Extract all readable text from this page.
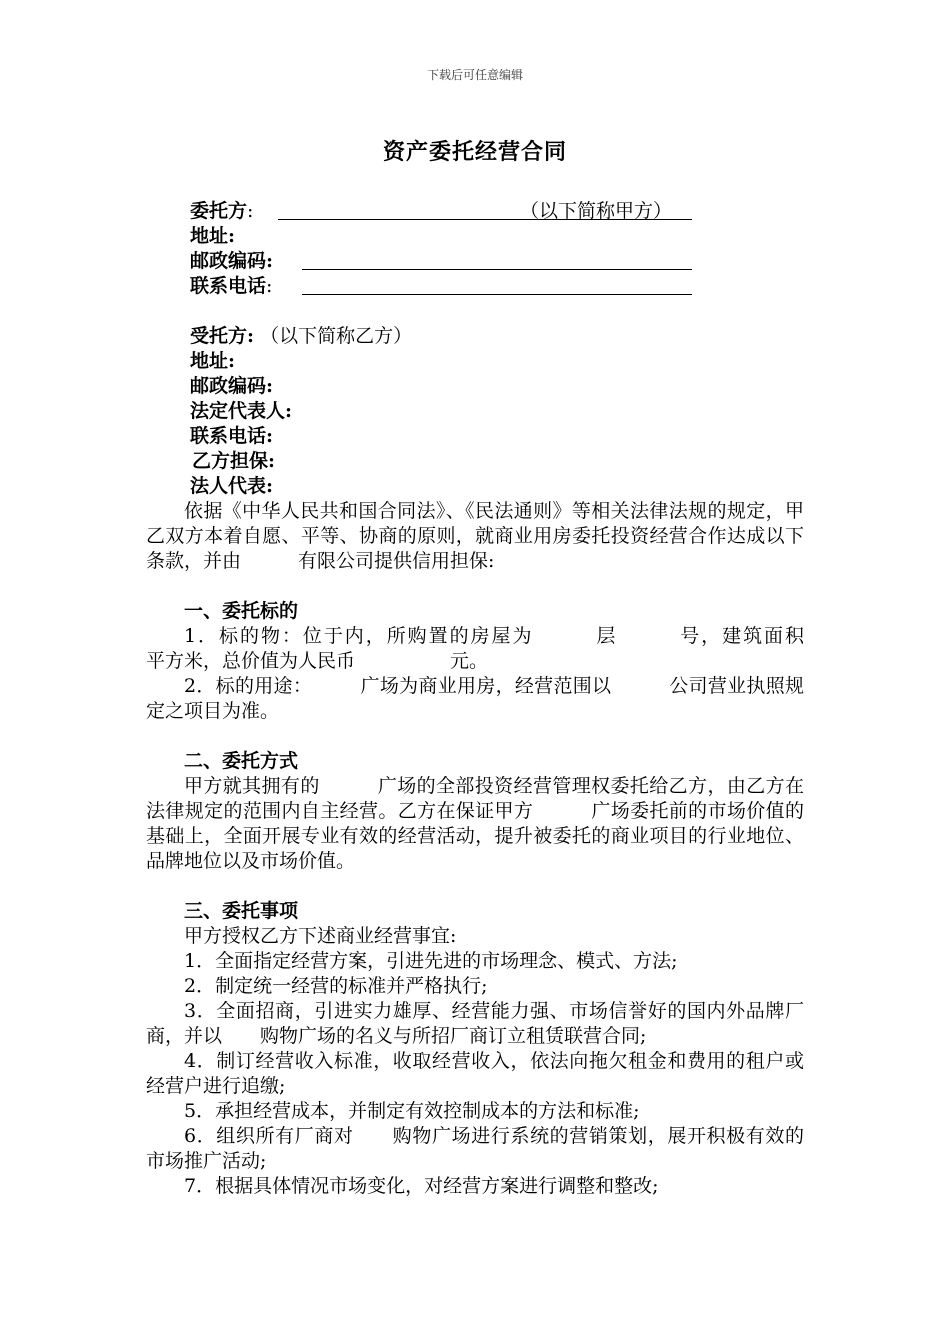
下载后可任意编辑
资产委托经营合同
委托方:	（以下简称甲方）
地址:
邮政编码:
联系电话:
受托方: （以下简称乙方）
地址:
邮政编码:
法定代表人:
联系电话:
乙方担保:
法人代表:

依据《中华人民共和国合同法》、《民法通则》等相关法律法规的规定，甲乙双方本着自愿、平等、协商的原则，就商业用房委托投资经营合作达成以下条款，并由　　　有限公司提供信用担保:

一、委托标的

1．标的物：位于内，所购置的房屋为　　　层　　　号，建筑面积　　　　平方米，总价值为人民币　　　　　元。

2．标的用途：　　　广场为商业用房，经营范围以　　　公司营业执照规定之项目为准。

二、委托方式

甲方就其拥有的　　　广场的全部投资经营管理权委托给乙方，由乙方在法律规定的范围内自主经营。乙方在保证甲方　　　广场委托前的市场价值的基础上，全面开展专业有效的经营活动，提升被委托的商业项目的行业地位、品牌地位以及市场价值。

三、委托事项

甲方授权乙方下述商业经营事宜:

1．全面指定经营方案，引进先进的市场理念、模式、方法;

2．制定统一经营的标准并严格执行;

3．全面招商，引进实力雄厚、经营能力强、市场信誉好的国内外品牌厂商，并以　　购物广场的名义与所招厂商订立租赁联营合同;

4．制订经营收入标准，收取经营收入，依法向拖欠租金和费用的租户或经营户进行追缴;

5．承担经营成本，并制定有效控制成本的方法和标准;

6．组织所有厂商对　　购物广场进行系统的营销策划，展开积极有效的市场推广活动;

7．根据具体情况市场变化，对经营方案进行调整和整改;
